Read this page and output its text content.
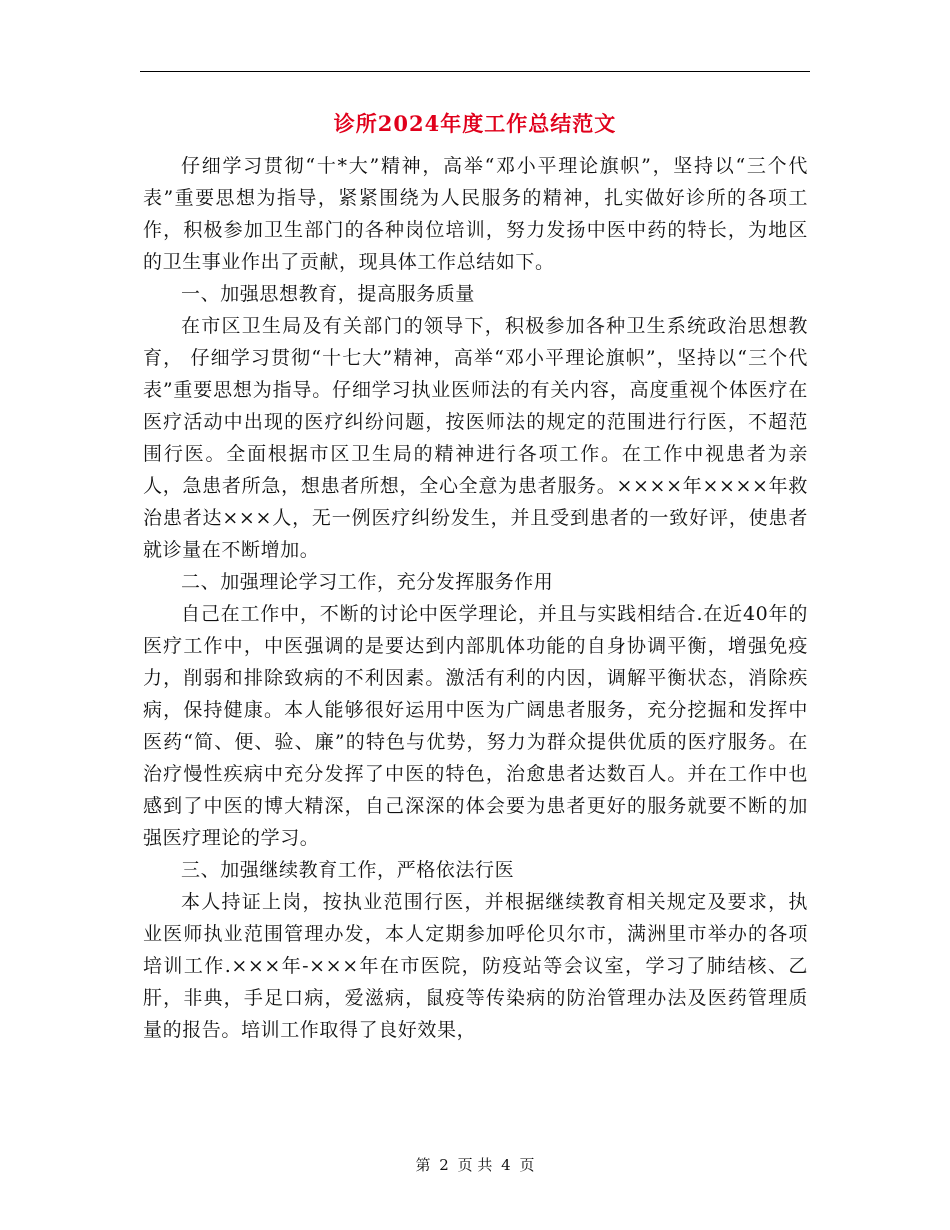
诊所2024年度工作总结范文

仔细学习贯彻“十*大”精神，高举“邓小平理论旗帜”，坚持以“三个代表”重要思想为指导，紧紧围绕为人民服务的精神，扎实做好诊所的各项工作，积极参加卫生部门的各种岗位培训，努力发扬中医中药的特长，为地区的卫生事业作出了贡献，现具体工作总结如下。

一、加强思想教育，提高服务质量

在市区卫生局及有关部门的领导下，积极参加各种卫生系统政治思想教育， 仔细学习贯彻“十七大”精神，高举“邓小平理论旗帜”，坚持以“三个代表”重要思想为指导。仔细学习执业医师法的有关内容，高度重视个体医疗在医疗活动中出现的医疗纠纷问题，按医师法的规定的范围进行行医，不超范围行医。全面根据市区卫生局的精神进行各项工作。在工作中视患者为亲人，急患者所急，想患者所想，全心全意为患者服务。××××年××××年救治患者达×××人，无一例医疗纠纷发生，并且受到患者的一致好评，使患者就诊量在不断增加。

二、加强理论学习工作，充分发挥服务作用

自己在工作中，不断的讨论中医学理论，并且与实践相结合.在近40年的医疗工作中，中医强调的是要达到内部肌体功能的自身协调平衡，增强免疫力，削弱和排除致病的不利因素。激活有利的内因，调解平衡状态，消除疾病，保持健康。本人能够很好运用中医为广阔患者服务，充分挖掘和发挥中医药“简、便、验、廉”的特色与优势，努力为群众提供优质的医疗服务。在治疗慢性疾病中充分发挥了中医的特色，治愈患者达数百人。并在工作中也感到了中医的博大精深，自己深深的体会要为患者更好的服务就要不断的加强医疗理论的学习。

三、加强继续教育工作，严格依法行医

本人持证上岗，按执业范围行医，并根据继续教育相关规定及要求，执业医师执业范围管理办发，本人定期参加呼伦贝尔市，满洲里市举办的各项培训工作.×××年-×××年在市医院，防疫站等会议室，学习了肺结核、乙肝，非典，手足口病，爱滋病，鼠疫等传染病的防治管理办法及医药管理质量的报告。培训工作取得了良好效果，

第 2 页 共 4 页
